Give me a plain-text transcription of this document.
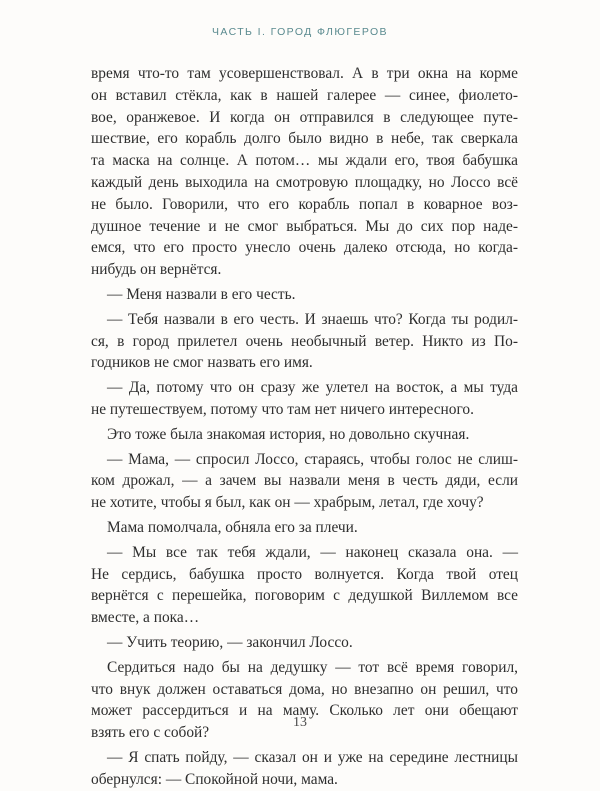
ЧАСТЬ I. ГОРОД ФЛЮГЕРОВ
время что-то там усовершенствовал. А в три окна на корме
он вставил стёкла, как в нашей галерее — синее, фиолето-
вое, оранжевое. И когда он отправился в следующее путе-
шествие, его корабль долго было видно в небе, так сверкала
та маска на солнце. А потом… мы ждали его, твоя бабушка
каждый день выходила на смотровую площадку, но Лоссо всё
не было. Говорили, что его корабль попал в коварное воз-
душное течение и не смог выбраться. Мы до сих пор наде-
емся, что его просто унесло очень далеко отсюда, но когда-
нибудь он вернётся.
— Меня назвали в его честь.
— Тебя назвали в его честь. И знаешь что? Когда ты родил-
ся, в город прилетел очень необычный ветер. Никто из По-
годников не смог назвать его имя.
— Да, потому что он сразу же улетел на восток, а мы туда
не путешествуем, потому что там нет ничего интересного.
Это тоже была знакомая история, но довольно скучная.
— Мама, — спросил Лоссо, стараясь, чтобы голос не слиш-
ком дрожал, — а зачем вы назвали меня в честь дяди, если
не хотите, чтобы я был, как он — храбрым, летал, где хочу?
Мама помолчала, обняла его за плечи.
— Мы все так тебя ждали, — наконец сказала она. —
Не сердись, бабушка просто волнуется. Когда твой отец
вернётся с перешейка, поговорим с дедушкой Виллемом все
вместе, а пока…
— Учить теорию, — закончил Лоссо.
Сердиться надо бы на дедушку — тот всё время говорил,
что внук должен оставаться дома, но внезапно он решил, что
может рассердиться и на маму. Сколько лет они обещают
взять его с собой?
— Я спать пойду, — сказал он и уже на середине лестницы
обернулся: — Спокойной ночи, мама.
13
